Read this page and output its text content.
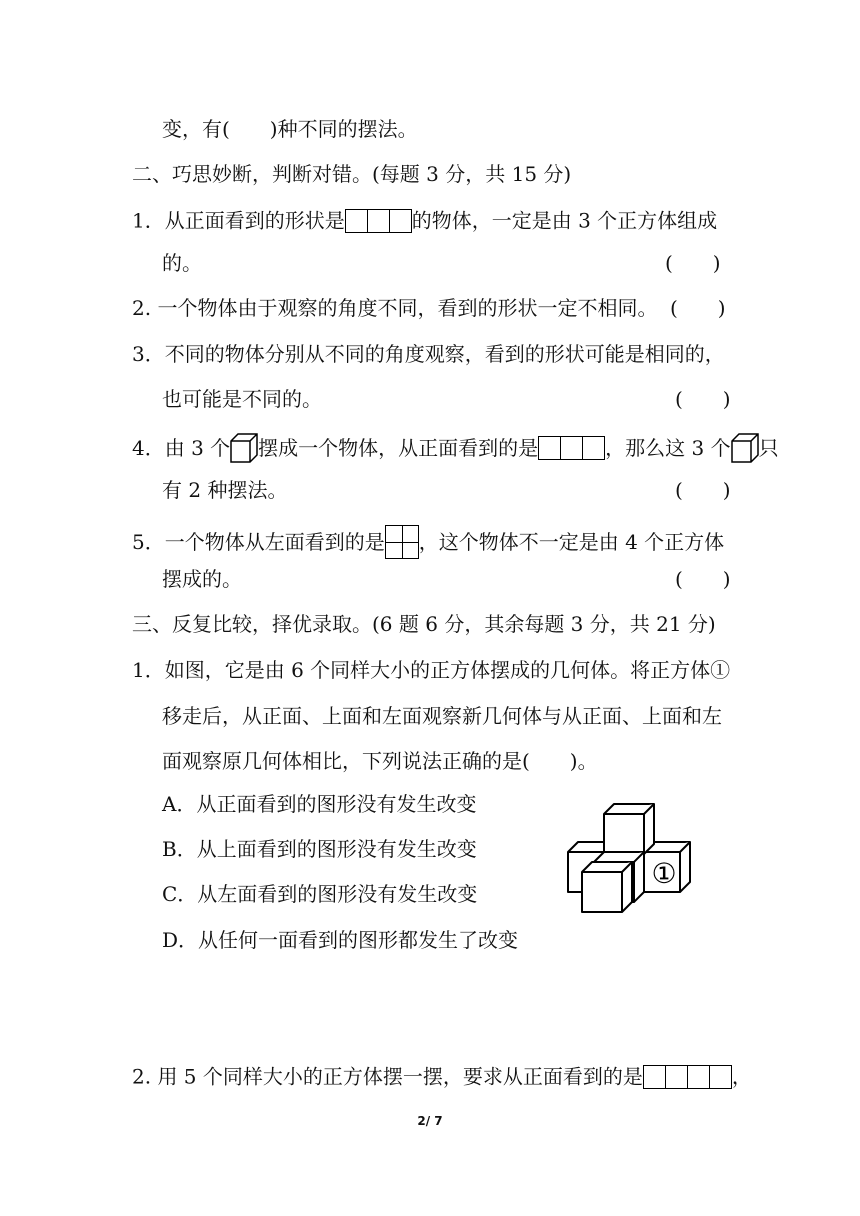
变，有(　　)种不同的摆法。
二、巧思妙断，判断对错。(每题 3 分，共 15 分)
1．从正面看到的形状是	的物体，一定是由 3 个正方体组成
的。	(　　)
2. 一个物体由于观察的角度不同，看到的形状一定不相同。 (　　)
3．不同的物体分别从不同的角度观察，看到的形状可能是相同的，
也可能是不同的。	(　　)
4．由 3 个 摆成一个物体，从正面看到的是	，那么这 3 个 只
有 2 种摆法。	(　　)
5．一个物体从左面看到的是 ，这个物体不一定是由 4 个正方体
摆成的。	(　　)
三、反复比较，择优录取。(6 题 6 分，其余每题 3 分，共 21 分)
1．如图，它是由 6 个同样大小的正方体摆成的几何体。将正方体①
移走后，从正面、上面和左面观察新几何体与从正面、上面和左
面观察原几何体相比，下列说法正确的是(　　)。
A．从正面看到的图形没有发生改变
B．从上面看到的图形没有发生改变
C．从左面看到的图形没有发生改变
D．从任何一面看到的图形都发生了改变
①
2. 用 5 个同样大小的正方体摆一摆，要求从正面看到的是	，
2/ 7
